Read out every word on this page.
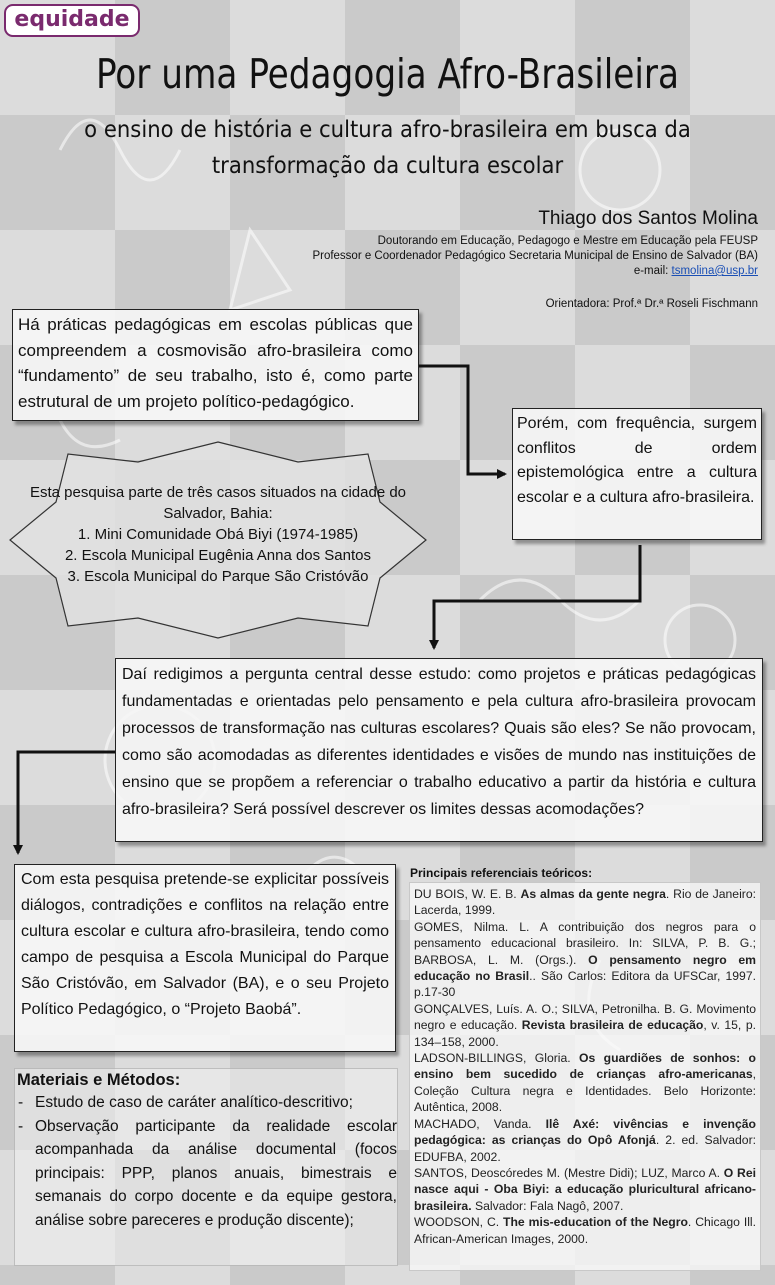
equidade
Por uma Pedagogia Afro-Brasileira
o ensino de história e cultura afro-brasileira em busca da transformação da cultura escolar
Thiago dos Santos Molina
Doutorando em Educação, Pedagogo e Mestre em Educação pela FEUSP
Professor e Coordenador Pedagógico Secretaria Municipal de Ensino de Salvador (BA)
e-mail: tsmolina@usp.br
Orientadora: Prof.ª Dr.ª Roseli Fischmann
Há práticas pedagógicas em escolas públicas que compreendem a cosmovisão afro-brasileira como “fundamento” de seu trabalho, isto é, como parte estrutural de um projeto político-pedagógico.
Porém, com frequência, surgem conflitos de ordem epistemológica entre a cultura escolar e a cultura afro-brasileira.
Esta pesquisa parte de três casos situados na cidade do Salvador, Bahia:
1. Mini Comunidade Obá Biyi (1974-1985)
2. Escola Municipal Eugênia Anna dos Santos
3. Escola Municipal do Parque São Cristóvão
Daí redigimos a pergunta central desse estudo: como projetos e práticas pedagógicas fundamentadas e orientadas pelo pensamento e pela cultura afro-brasileira provocam processos de transformação nas culturas escolares? Quais são eles? Se não provocam, como são acomodadas as diferentes identidades e visões de mundo nas instituições de ensino que se propõem a referenciar o trabalho educativo a partir da história e cultura afro-brasileira? Será possível descrever os limites dessas acomodações?
Com esta pesquisa pretende-se explicitar possíveis diálogos, contradições e conflitos na relação entre cultura escolar e cultura afro-brasileira, tendo como campo de pesquisa a Escola Municipal do Parque São Cristóvão, em Salvador (BA), e o seu Projeto Político Pedagógico, o “Projeto Baobá”.
Materiais e Métodos:
- Estudo de caso de caráter analítico-descritivo;
- Observação participante da realidade escolar acompanhada da análise documental (focos principais: PPP, planos anuais, bimestrais e semanais do corpo docente e da equipe gestora, análise sobre pareceres e produção discente);
Principais referenciais teóricos:
DU BOIS, W. E. B. As almas da gente negra. Rio de Janeiro: Lacerda, 1999.
GOMES, Nilma. L. A contribuição dos negros para o pensamento educacional brasileiro. In: SILVA, P. B. G.; BARBOSA, L. M. (Orgs.). O pensamento negro em educação no Brasil.. São Carlos: Editora da UFSCar, 1997. p.17-30
GONÇALVES, Luís. A. O.; SILVA, Petronilha. B. G. Movimento negro e educação. Revista brasileira de educação, v. 15, p. 134–158, 2000.
LADSON-BILLINGS, Gloria. Os guardiões de sonhos: o ensino bem sucedido de crianças afro-americanas, Coleção Cultura negra e Identidades. Belo Horizonte: Autêntica, 2008.
MACHADO, Vanda. Ilê Axé: vivências e invenção pedagógica: as crianças do Opô Afonjá. 2. ed. Salvador: EDUFBA, 2002.
SANTOS, Deoscóredes M. (Mestre Didi); LUZ, Marco A. O Rei nasce aqui - Oba Biyi: a educação pluricultural africano-brasileira. Salvador: Fala Nagô, 2007.
WOODSON, C. The mis-education of the Negro. Chicago Ill. African-American Images, 2000.
